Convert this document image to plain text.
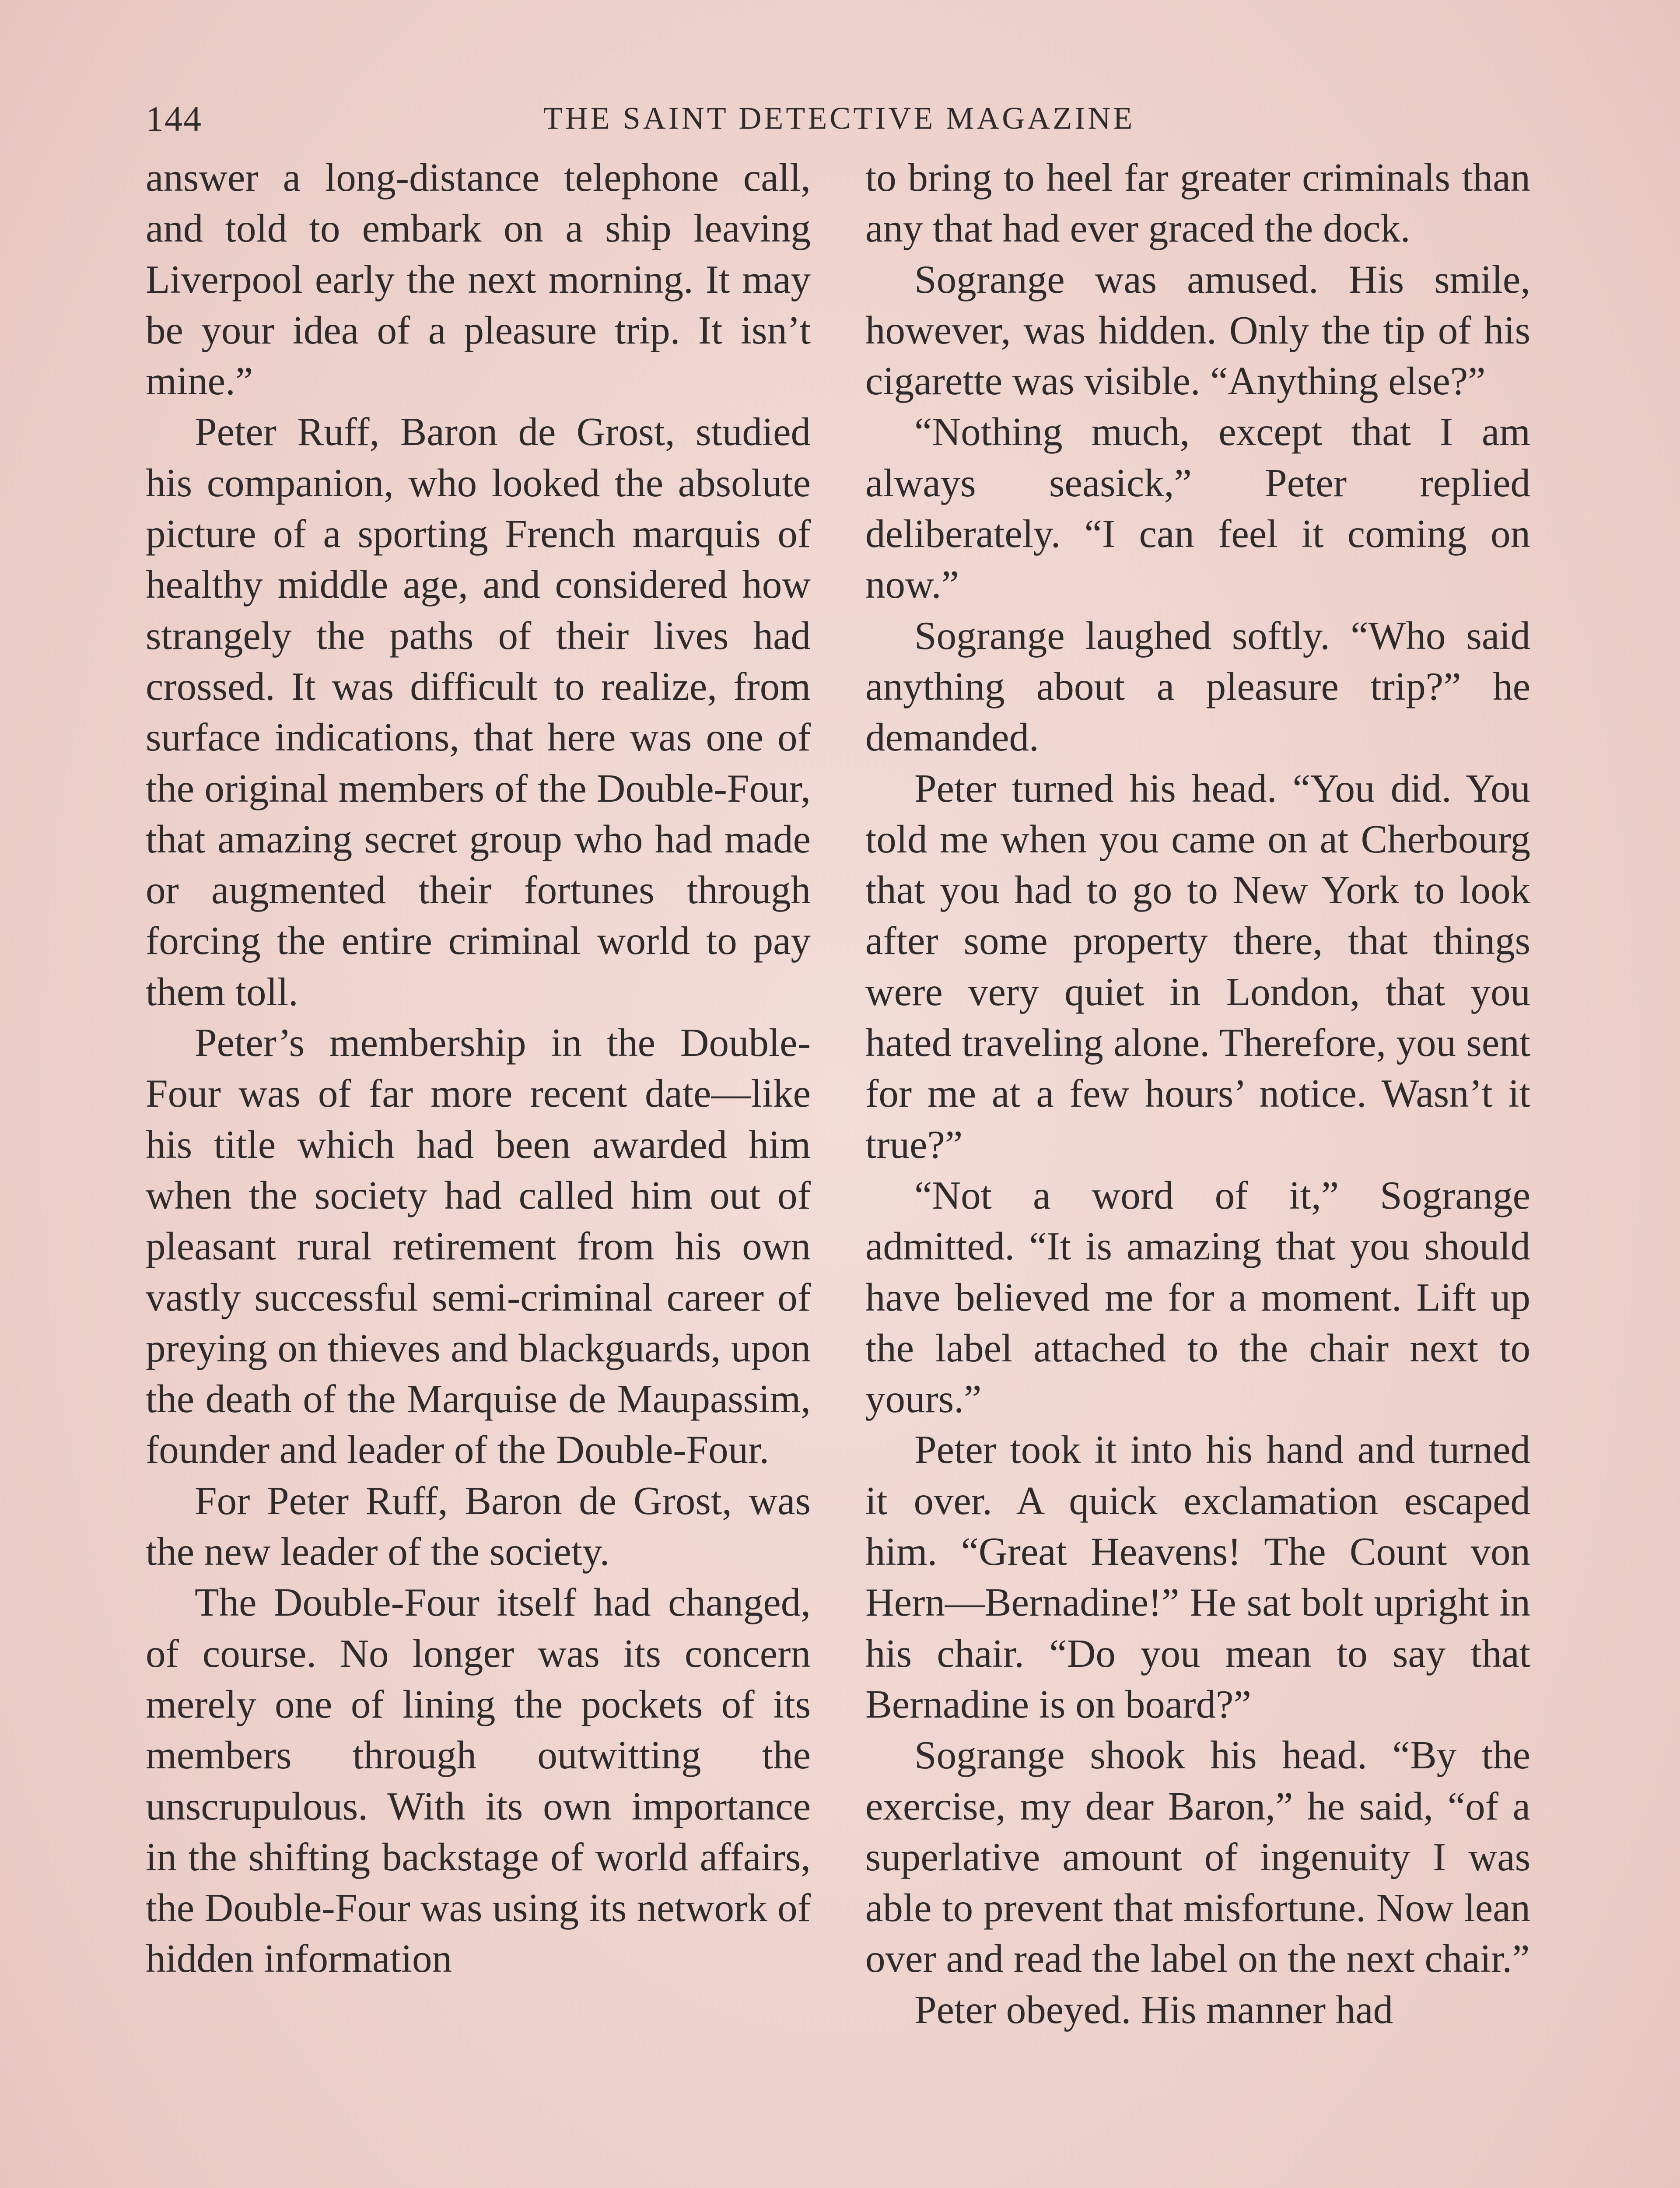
144	THE SAINT DETECTIVE MAGAZINE

answer a long-distance telephone call, and told to embark on a ship leaving Liverpool early the next morning. It may be your idea of a pleasure trip. It isn’t mine.”

Peter Ruff, Baron de Grost, studied his companion, who looked the absolute picture of a sporting French marquis of healthy middle age, and considered how strangely the paths of their lives had crossed. It was difficult to realize, from surface indications, that here was one of the original members of the Double-Four, that amazing secret group who had made or augmented their fortunes through forcing the entire criminal world to pay them toll.

Peter’s membership in the Double-Four was of far more recent date—like his title which had been awarded him when the society had called him out of pleasant rural retirement from his own vastly successful semi-criminal career of preying on thieves and blackguards, upon the death of the Marquise de Maupassim, founder and leader of the Double-Four.

For Peter Ruff, Baron de Grost, was the new leader of the society.

The Double-Four itself had changed, of course. No longer was its concern merely one of lining the pockets of its members through outwitting the unscrupulous. With its own importance in the shifting backstage of world affairs, the Double-Four was using its network of hidden information

to bring to heel far greater criminals than any that had ever graced the dock.

Sogrange was amused. His smile, however, was hidden. Only the tip of his cigarette was visible. “Anything else?”

“Nothing much, except that I am always seasick,” Peter replied deliberately. “I can feel it coming on now.”

Sogrange laughed softly. “Who said anything about a pleasure trip?” he demanded.

Peter turned his head. “You did. You told me when you came on at Cherbourg that you had to go to New York to look after some property there, that things were very quiet in London, that you hated traveling alone. Therefore, you sent for me at a few hours’ notice. Wasn’t it true?”

“Not a word of it,” Sogrange admitted. “It is amazing that you should have believed me for a moment. Lift up the label attached to the chair next to yours.”

Peter took it into his hand and turned it over. A quick exclamation escaped him. “Great Heavens! The Count von Hern—Bernadine!” He sat bolt upright in his chair. “Do you mean to say that Bernadine is on board?”

Sogrange shook his head. “By the exercise, my dear Baron,” he said, “of a superlative amount of ingenuity I was able to prevent that misfortune. Now lean over and read the label on the next chair.”

Peter obeyed. His manner had
